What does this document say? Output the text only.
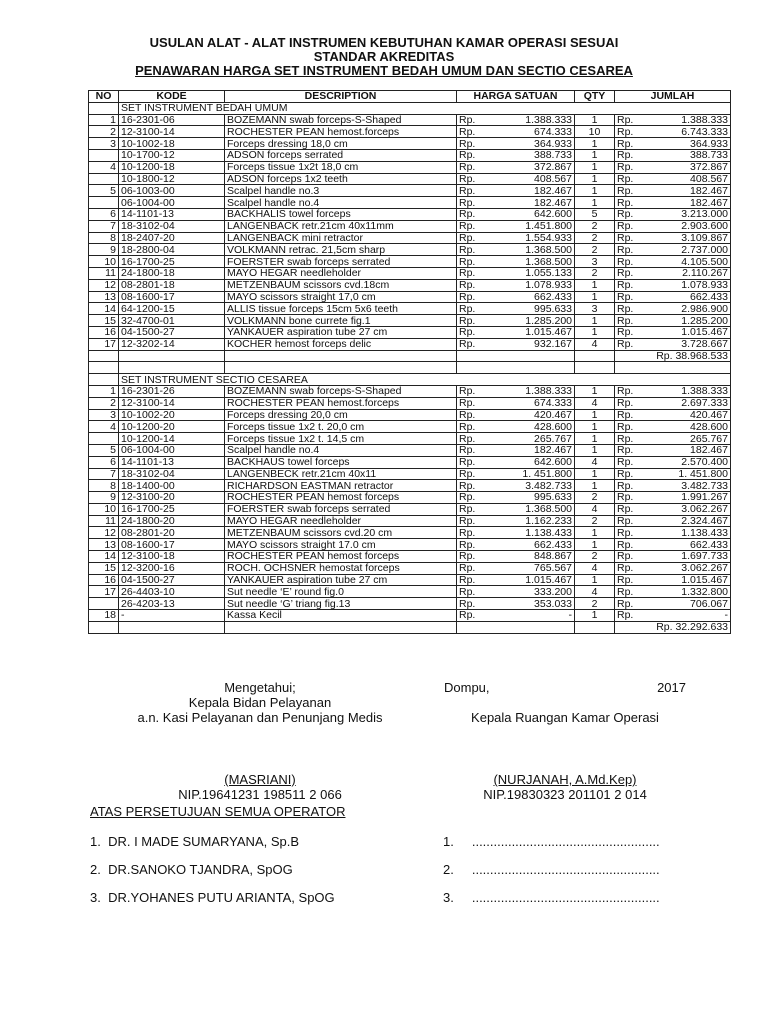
USULAN ALAT - ALAT INSTRUMEN KEBUTUHAN KAMAR OPERASI SESUAI
STANDAR AKREDITAS
PENAWARAN HARGA SET INSTRUMENT BEDAH UMUM DAN SECTIO CESAREA
NO	KODE	DESCRIPTION	HARGA SATUAN	QTY	JUMLAH
	SET INSTRUMENT BEDAH UMUM				
1	16-2301-06	BOZEMANN swab forceps-S-Shaped	Rp. 1.388.333	1	Rp. 1.388.333

2	12-3100-14	ROCHESTER PEAN hemost.forceps	Rp. 674.333	10	Rp. 6.743.333

3	10-1002-18	Forceps dressing 18,0 cm	Rp. 364.933	1	Rp. 364.933

	10-1700-12	ADSON forceps serrated	Rp. 388.733	1	Rp. 388.733

4	10-1200-18	Forceps tissue 1x2t 18,0 cm	Rp. 372.867	1	Rp. 372.867

	10-1800-12	ADSON forceps 1x2 teeth	Rp. 408.567	1	Rp. 408.567

5	06-1003-00	Scalpel handle no.3	Rp. 182.467	1	Rp. 182.467

	06-1004-00	Scalpel handle no.4	Rp. 182.467	1	Rp. 182.467

6	14-1101-13	BACKHALIS towel forceps	Rp. 642.600	5	Rp. 3.213.000

7	18-3102-04	LANGENBACK retr.21cm 40x11mm	Rp. 1.451.800	2	Rp. 2.903.600

8	18-2407-20	LANGENBACK mini retractor	Rp. 1.554.933	2	Rp. 3.109.867

9	18-2800-04	VOLKMANN retrac. 21,5cm sharp	Rp. 1.368.500	2	Rp. 2.737.000

10	16-1700-25	FOERSTER swab forceps serrated	Rp. 1.368.500	3	Rp. 4.105.500

11	24-1800-18	MAYO HEGAR needleholder	Rp. 1.055.133	2	Rp. 2.110.267

12	08-2801-18	METZENBAUM scissors cvd.18cm	Rp. 1.078.933	1	Rp. 1.078.933

13	08-1600-17	MAYO scissors straight 17,0 cm	Rp. 662.433	1	Rp. 662.433

14	64-1200-15	ALLIS tissue forceps 15cm 5x6 teeth	Rp. 995.633	3	Rp. 2.986.900

15	32-4700-01	VOLKMANN bone currete fig.1	Rp. 1.285.200	1	Rp. 1.285.200

16	04-1500-27	YANKAUER aspiration tube 27 cm	Rp. 1.015.467	1	Rp. 1.015.467

17	12-3202-14	KOCHER hemost forceps delic	Rp. 932.167	4	Rp. 3.728.667

					Rp. 38.968.533

	SET INSTRUMENT SECTIO CESAREA				
1	16-2301-26	BOZEMANN swab forceps-S-Shaped	Rp. 1.388.333	1	Rp. 1.388.333

2	12-3100-14	ROCHESTER PEAN hemost.forceps	Rp. 674.333	4	Rp. 2.697.333

3	10-1002-20	Forceps dressing 20,0 cm	Rp. 420.467	1	Rp. 420.467

4	10-1200-20	Forceps tissue 1x2 t. 20,0 cm	Rp. 428.600	1	Rp. 428.600

	10-1200-14	Forceps tissue 1x2 t. 14,5 cm	Rp. 265.767	1	Rp. 265.767

5	06-1004-00	Scalpel handle no.4	Rp. 182.467	1	Rp. 182.467

6	14-1101-13	BACKHAUS towel forceps	Rp. 642.600	4	Rp. 2.570.400

7	18-3102-04	LANGENBECK retr.21cm 40x11	Rp. 1. 451.800	1	Rp. 1. 451.800

8	18-1400-00	RICHARDSON EASTMAN retractor	Rp. 3.482.733	1	Rp. 3.482.733

9	12-3100-20	ROCHESTER PEAN hemost forceps	Rp. 995.633	2	Rp. 1.991.267

10	16-1700-25	FOERSTER swab forceps serrated	Rp. 1.368.500	4	Rp. 3.062.267

11	24-1800-20	MAYO HEGAR needleholder	Rp. 1.162.233	2	Rp. 2.324.467

12	08-2801-20	METZENBAUM scissors cvd.20 cm	Rp. 1.138.433	1	Rp. 1.138.433

13	08-1600-17	MAYO scissors straight 17.0 cm	Rp. 662.433	1	Rp. 662.433

14	12-3100-18	ROCHESTER PEAN hemost forceps	Rp. 848.867	2	Rp. 1.697.733

15	12-3200-16	ROCH. OCHSNER hemostat forceps	Rp. 765.567	4	Rp. 3.062.267

16	04-1500-27	YANKAUER aspiration tube 27 cm	Rp. 1.015.467	1	Rp. 1.015.467

17	26-4403-10	Sut needle ‘E’ round fig.0	Rp. 333.200	4	Rp. 1.332.800

	26-4203-13	Sut needle ‘G’ triang fig.13	Rp. 353.033	2	Rp. 706.067

18	-	Kassa Kecil	Rp. -	1	Rp. -

					Rp. 32.292.633
Mengetahui;
Kepala Bidan Pelayanan
a.n. Kasi Pelayanan dan Penunjang Medis
(MASRIANI)
NIP.19641231 198511 2 066
Dompu,	2017
Kepala Ruangan Kamar Operasi
(NURJANAH, A.Md.Kep)
NIP.19830323 201101 2 014
ATAS PERSETUJUAN SEMUA OPERATOR
1. DR. I MADE SUMARYANA, Sp.B
2. DR.SANOKO TJANDRA, SpOG
3. DR.YOHANES PUTU ARIANTA, SpOG
1. ....................................................
2. ....................................................
3. ....................................................
